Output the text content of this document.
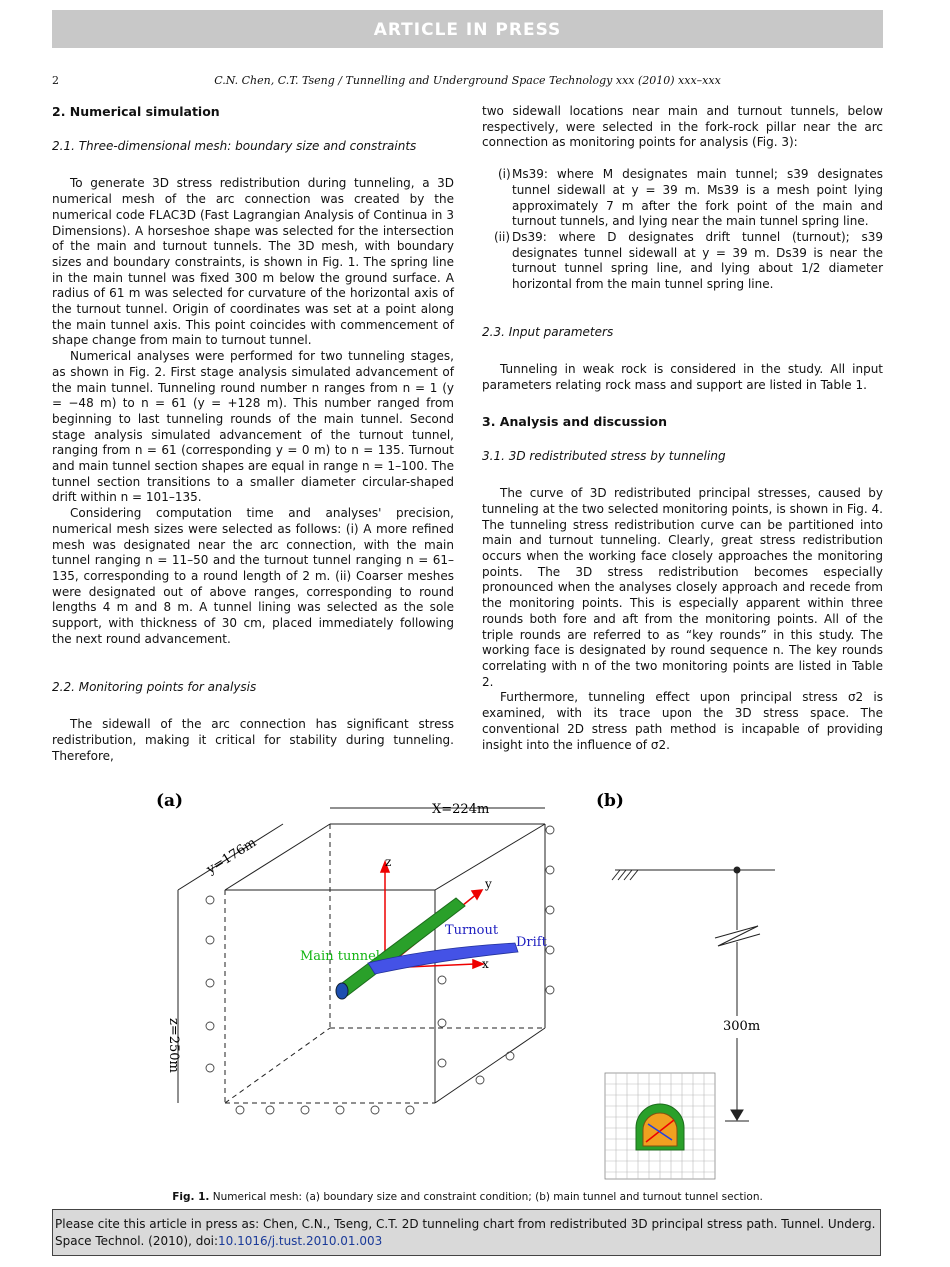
ARTICLE IN PRESS
2	C.N. Chen, C.T. Tseng / Tunnelling and Underground Space Technology xxx (2010) xxx–xxx
2. Numerical simulation
2.1. Three-dimensional mesh: boundary size and constraints

To generate 3D stress redistribution during tunneling, a 3D numerical mesh of the arc connection was created by the numerical code FLAC3D (Fast Lagrangian Analysis of Continua in 3 Dimensions). A horseshoe shape was selected for the intersection of the main and turnout tunnels. The 3D mesh, with boundary sizes and boundary constraints, is shown in Fig. 1. The spring line in the main tunnel was fixed 300 m below the ground surface. A radius of 61 m was selected for curvature of the horizontal axis of the turnout tunnel. Origin of coordinates was set at a point along the main tunnel axis. This point coincides with commencement of shape change from main to turnout tunnel.

Numerical analyses were performed for two tunneling stages, as shown in Fig. 2. First stage analysis simulated advancement of the main tunnel. Tunneling round number n ranges from n = 1 (y = −48 m) to n = 61 (y = +128 m). This number ranged from beginning to last tunneling rounds of the main tunnel. Second stage analysis simulated advancement of the turnout tunnel, ranging from n = 61 (corresponding y = 0 m) to n = 135. Turnout and main tunnel section shapes are equal in range n = 1–100. The tunnel section transitions to a smaller diameter circular-shaped drift within n = 101–135.

Considering computation time and analyses' precision, numerical mesh sizes were selected as follows: (i) A more refined mesh was designated near the arc connection, with the main tunnel ranging n = 11–50 and the turnout tunnel ranging n = 61–135, corresponding to a round length of 2 m. (ii) Coarser meshes were designated out of above ranges, corresponding to round lengths 4 m and 8 m. A tunnel lining was selected as the sole support, with thickness of 30 cm, placed immediately following the next round advancement.

2.2. Monitoring points for analysis

The sidewall of the arc connection has significant stress redistribution, making it critical for stability during tunneling. Therefore,

two sidewall locations near main and turnout tunnels, below respectively, were selected in the fork-rock pillar near the arc connection as monitoring points for analysis (Fig. 3):

(i) Ms39: where M designates main tunnel; s39 designates tunnel sidewall at y = 39 m. Ms39 is a mesh point lying approximately 7 m after the fork point of the main and turnout tunnels, and lying near the main tunnel spring line.
(ii) Ds39: where D designates drift tunnel (turnout); s39 designates tunnel sidewall at y = 39 m. Ds39 is near the turnout tunnel spring line, and lying about 1/2 diameter horizontal from the main tunnel spring line.
2.3. Input parameters

Tunneling in weak rock is considered in the study. All input parameters relating rock mass and support are listed in Table 1.

3. Analysis and discussion
3.1. 3D redistributed stress by tunneling

The curve of 3D redistributed principal stresses, caused by tunneling at the two selected monitoring points, is shown in Fig. 4. The tunneling stress redistribution curve can be partitioned into main and turnout tunneling. Clearly, great stress redistribution occurs when the working face closely approaches the monitoring points. The 3D stress redistribution becomes especially pronounced when the analyses closely approach and recede from the monitoring points. This is especially apparent within three rounds both fore and aft from the monitoring points. All of the triple rounds are referred to as “key rounds” in this study. The working face is designated by round sequence n. The key rounds correlating with n of the two monitoring points are listed in Table 2.

Furthermore, tunneling effect upon principal stress σ2 is examined, with its trace upon the 3D stress space. The conventional 2D stress path method is incapable of providing insight into the influence of σ2.

(a)	(b)
X=224m
y=176m
z=250m
z
y
x
Main tunnel
Turnout
Drift
300m
Fig. 1. Numerical mesh: (a) boundary size and constraint condition; (b) main tunnel and turnout tunnel section.
Please cite this article in press as: Chen, C.N., Tseng, C.T. 2D tunneling chart from redistributed 3D principal stress path. Tunnel. Underg. Space Technol. (2010), doi:10.1016/j.tust.2010.01.003
